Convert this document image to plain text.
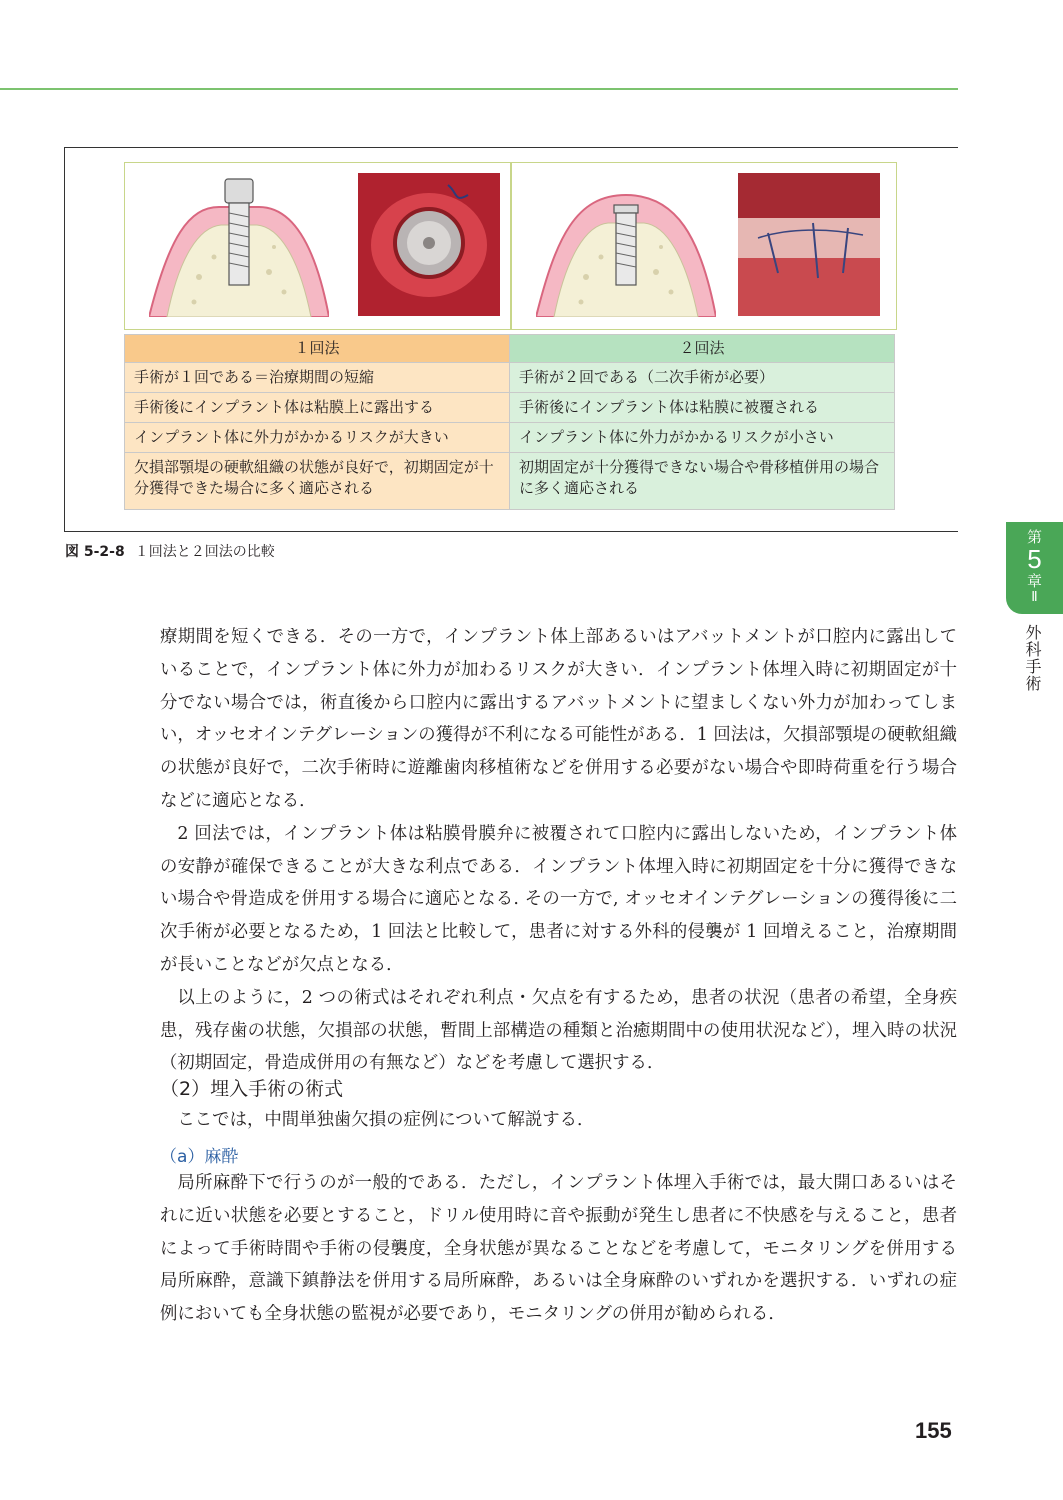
１回法	２回法
手術が１回である＝治療期間の短縮	手術が２回である（二次手術が必要）
手術後にインプラント体は粘膜上に露出する	手術後にインプラント体は粘膜に被覆される
インプラント体に外力がかかるリスクが大きい	インプラント体に外力がかかるリスクが小さい
欠損部顎堤の硬軟組織の状態が良好で，初期固定が十分獲得できた場合に多く適応される	初期固定が十分獲得できない場合や骨移植併用の場合に多く適応される
図 5-2-8 １回法と２回法の比較
第
5
章
Ⅱ
外科手術

療期間を短くできる．その一方で，インプラント体上部あるいはアバットメントが口腔内に露出していることで，インプラント体に外力が加わるリスクが大きい．インプラント体埋入時に初期固定が十分でない場合では，術直後から口腔内に露出するアバットメントに望ましくない外力が加わってしまい，オッセオインテグレーションの獲得が不利になる可能性がある．1 回法は，欠損部顎堤の硬軟組織の状態が良好で，二次手術時に遊離歯肉移植術などを併用する必要がない場合や即時荷重を行う場合などに適応となる．

2 回法では，インプラント体は粘膜骨膜弁に被覆されて口腔内に露出しないため，インプラント体の安静が確保できることが大きな利点である．インプラント体埋入時に初期固定を十分に獲得できない場合や骨造成を併用する場合に適応となる. その一方で, オッセオインテグレーションの獲得後に二次手術が必要となるため，1 回法と比較して，患者に対する外科的侵襲が 1 回増えること，治療期間が長いことなどが欠点となる．

以上のように，2 つの術式はそれぞれ利点・欠点を有するため，患者の状況（患者の希望，全身疾患，残存歯の状態，欠損部の状態，暫間上部構造の種類と治癒期間中の使用状況など），埋入時の状況（初期固定，骨造成併用の有無など）などを考慮して選択する．

（2）埋入手術の術式

ここでは，中間単独歯欠損の症例について解説する．

（a）麻酔

局所麻酔下で行うのが一般的である．ただし，インプラント体埋入手術では，最大開口あるいはそれに近い状態を必要とすること，ドリル使用時に音や振動が発生し患者に不快感を与えること，患者によって手術時間や手術の侵襲度，全身状態が異なることなどを考慮して，モニタリングを併用する局所麻酔，意識下鎮静法を併用する局所麻酔，あるいは全身麻酔のいずれかを選択する．いずれの症例においても全身状態の監視が必要であり，モニタリングの併用が勧められる．

155
